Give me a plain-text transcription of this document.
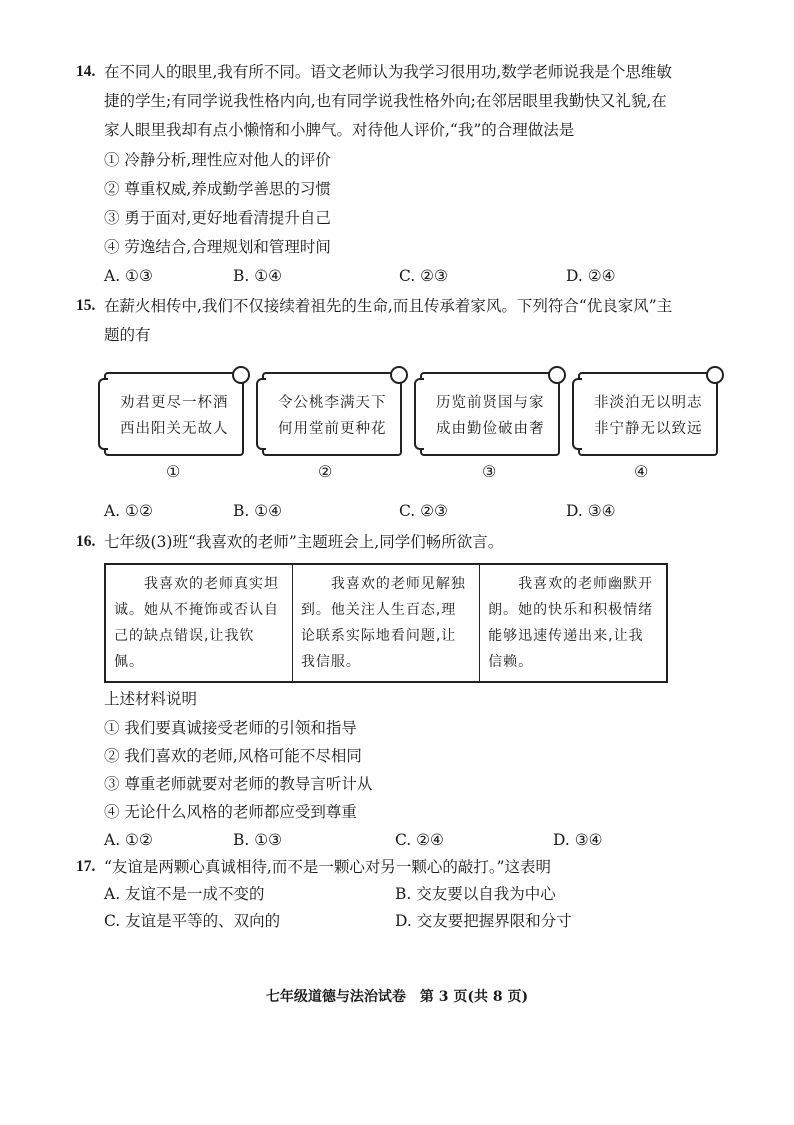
14. 在不同人的眼里,我有所不同。语文老师认为我学习很用功,数学老师说我是个思维敏
捷的学生;有同学说我性格内向,也有同学说我性格外向;在邻居眼里我勤快又礼貌,在
家人眼里我却有点小懒惰和小脾气。对待他人评价,“我”的合理做法是
① 冷静分析,理性应对他人的评价
② 尊重权威,养成勤学善思的习惯
③ 勇于面对,更好地看清提升自己
④ 劳逸结合,合理规划和管理时间
A. ①③	B. ①④	C. ②③	D. ②④
15. 在薪火相传中,我们不仅接续着祖先的生命,而且传承着家风。下列符合“优良家风”主
题的有
劝君更尽一杯酒
西出阳关无故人
令公桃李满天下
何用堂前更种花
历览前贤国与家
成由勤俭破由奢
非淡泊无以明志
非宁静无以致远
①	②	③	④
A. ①②	B. ①④	C. ②③	D. ③④
16. 七年级(3)班“我喜欢的老师”主题班会上,同学们畅所欲言。
　　我喜欢的老师真实坦诚。她从不掩饰或否认自己的缺点错误,让我钦佩。	　　我喜欢的老师见解独到。他关注人生百态,理论联系实际地看问题,让我信服。	　　我喜欢的老师幽默开朗。她的快乐和积极情绪能够迅速传递出来,让我信赖。
上述材料说明
① 我们要真诚接受老师的引领和指导
② 我们喜欢的老师,风格可能不尽相同
③ 尊重老师就要对老师的教导言听计从
④ 无论什么风格的老师都应受到尊重
A. ①②	B. ①③	C. ②④	D. ③④
17. “友谊是两颗心真诚相待,而不是一颗心对另一颗心的敲打。”这表明
A. 友谊不是一成不变的	B. 交友要以自我为中心
C. 友谊是平等的、双向的	D. 交友要把握界限和分寸
七年级道德与法治试卷　第 3 页(共 8 页)
